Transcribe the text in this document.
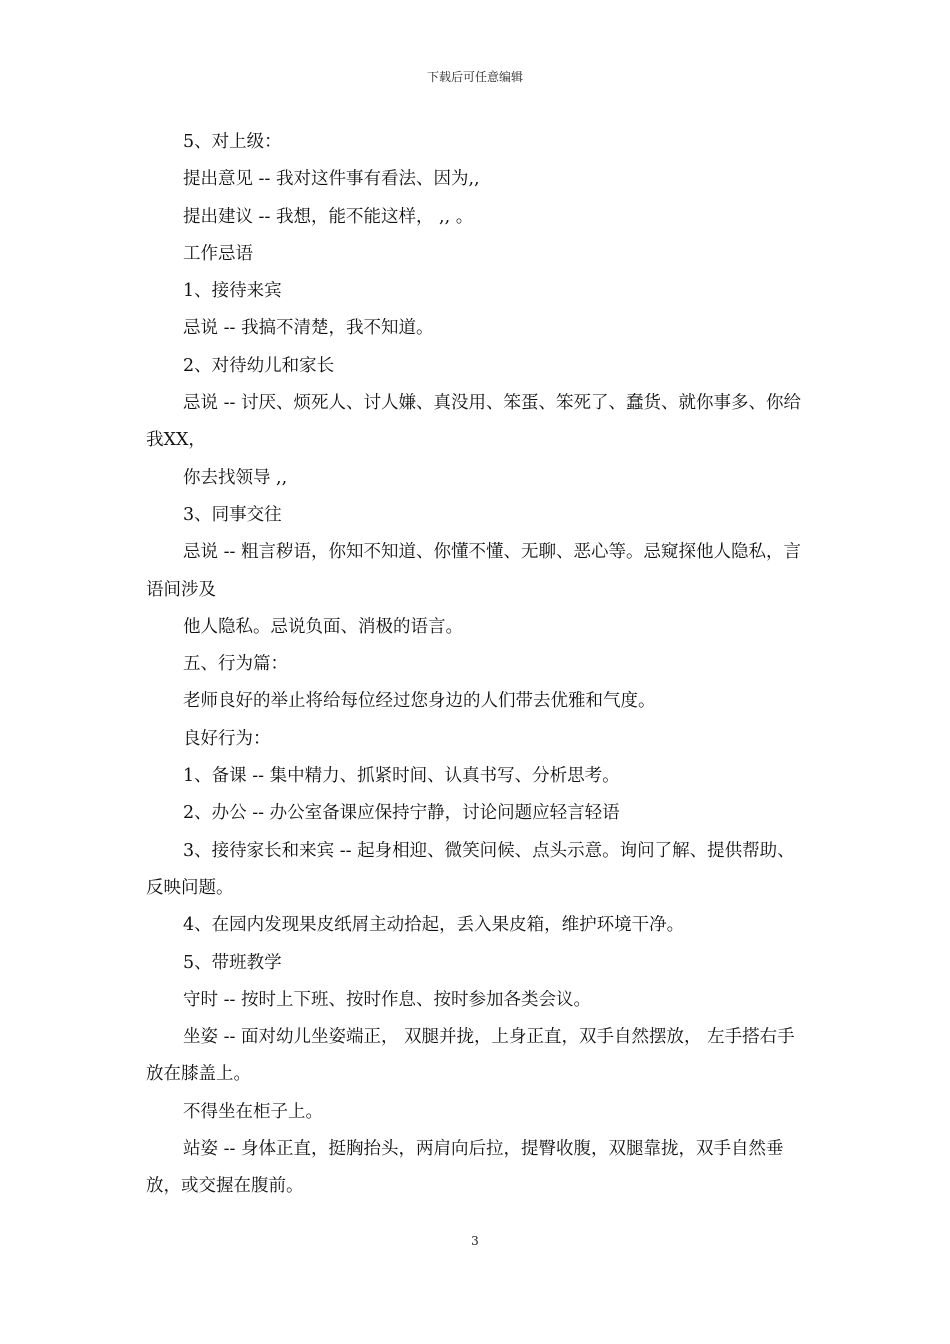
下载后可任意编辑

5、对上级：

提出意见 -- 我对这件事有看法、因为,,

提出建议 -- 我想，能不能这样， ,, 。

工作忌语

1、接待来宾

忌说 -- 我搞不清楚，我不知道。

2、对待幼儿和家长

忌说 -- 讨厌、烦死人、讨人嫌、真没用、笨蛋、笨死了、蠢货、就你事多、你给我XX，

你去找领导 ,,

3、同事交往

忌说 -- 粗言秽语，你知不知道、你懂不懂、无聊、恶心等。忌窥探他人隐私，言语间涉及

他人隐私。忌说负面、消极的语言。

五、行为篇：

老师良好的举止将给每位经过您身边的人们带去优雅和气度。

良好行为：

1、备课 -- 集中精力、抓紧时间、认真书写、分析思考。

2、办公 -- 办公室备课应保持宁静，讨论问题应轻言轻语

3、接待家长和来宾 -- 起身相迎、微笑问候、点头示意。询问了解、提供帮助、反映问题。

4、在园内发现果皮纸屑主动拾起，丢入果皮箱，维护环境干净。

5、带班教学

守时 -- 按时上下班、按时作息、按时参加各类会议。

坐姿 -- 面对幼儿坐姿端正， 双腿并拢，上身正直，双手自然摆放， 左手搭右手放在膝盖上。

不得坐在柜子上。

站姿 -- 身体正直，挺胸抬头，两肩向后拉，提臀收腹，双腿靠拢，双手自然垂放，或交握在腹前。

3
